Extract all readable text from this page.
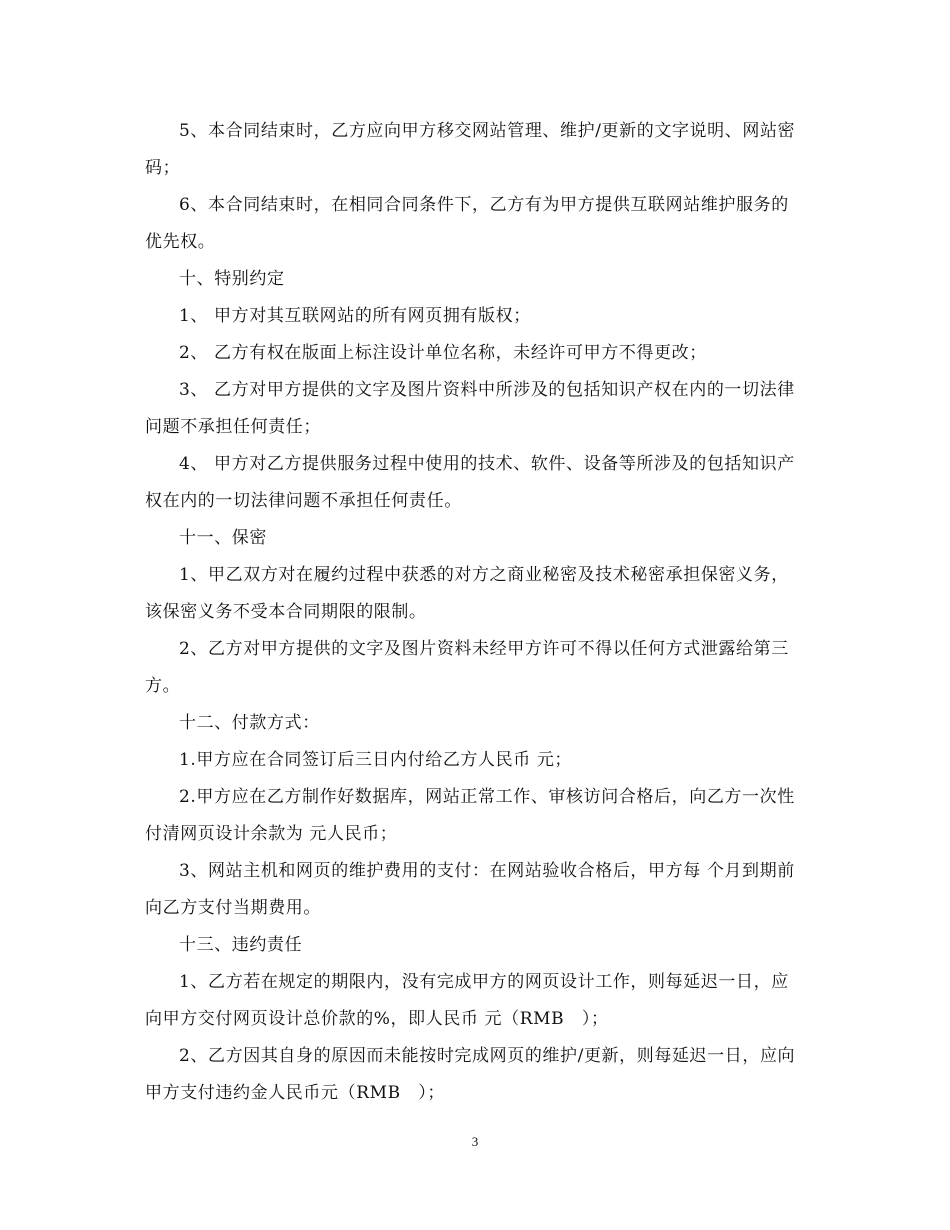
5、本合同结束时，乙方应向甲方移交网站管理、维护/更新的文字说明、网站密码；

6、本合同结束时，在相同合同条件下，乙方有为甲方提供互联网站维护服务的优先权。

十、特别约定

1、 甲方对其互联网站的所有网页拥有版权；

2、 乙方有权在版面上标注设计单位名称，未经许可甲方不得更改；

3、 乙方对甲方提供的文字及图片资料中所涉及的包括知识产权在内的一切法律问题不承担任何责任；

4、 甲方对乙方提供服务过程中使用的技术、软件、设备等所涉及的包括知识产权在内的一切法律问题不承担任何责任。

十一、保密

1、甲乙双方对在履约过程中获悉的对方之商业秘密及技术秘密承担保密义务，该保密义务不受本合同期限的限制。

2、乙方对甲方提供的文字及图片资料未经甲方许可不得以任何方式泄露给第三方。

十二、付款方式：

1.甲方应在合同签订后三日内付给乙方人民币 元；

2.甲方应在乙方制作好数据库，网站正常工作、审核访问合格后，向乙方一次性付清网页设计余款为 元人民币；

3、网站主机和网页的维护费用的支付：在网站验收合格后，甲方每 个月到期前向乙方支付当期费用。

十三、违约责任

1、乙方若在规定的期限内，没有完成甲方的网页设计工作，则每延迟一日，应向甲方交付网页设计总价款的%，即人民币 元（RMB　）；

2、乙方因其自身的原因而未能按时完成网页的维护/更新，则每延迟一日，应向甲方支付违约金人民币元（RMB　）；

3
